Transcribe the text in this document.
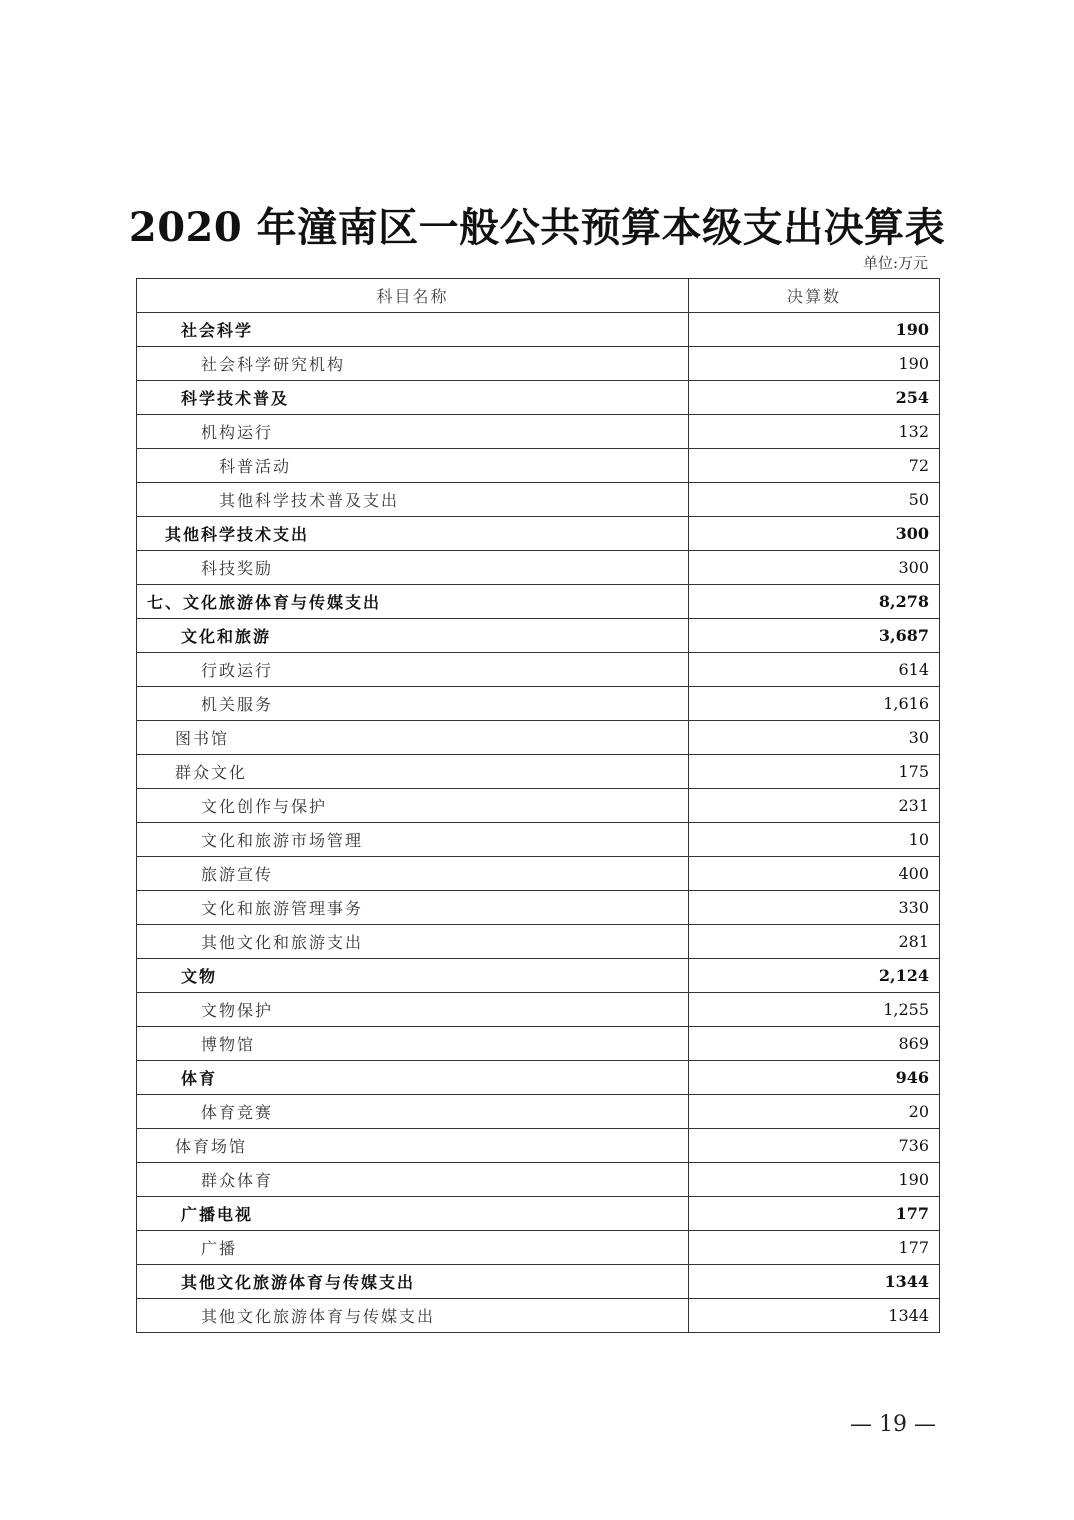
2020 年潼南区一般公共预算本级支出决算表
单位:万元
科目名称	决算数
社会科学	190
社会科学研究机构	190
科学技术普及	254
机构运行	132
科普活动	72
其他科学技术普及支出	50
其他科学技术支出	300
科技奖励	300
七、文化旅游体育与传媒支出	8,278
文化和旅游	3,687
行政运行	614
机关服务	1,616
图书馆	30
群众文化	175
文化创作与保护	231
文化和旅游市场管理	10
旅游宣传	400
文化和旅游管理事务	330
其他文化和旅游支出	281
文物	2,124
文物保护	1,255
博物馆	869
体育	946
体育竞赛	20
体育场馆	736
群众体育	190
广播电视	177
广播	177
其他文化旅游体育与传媒支出	1344
其他文化旅游体育与传媒支出	1344
— 19 —
